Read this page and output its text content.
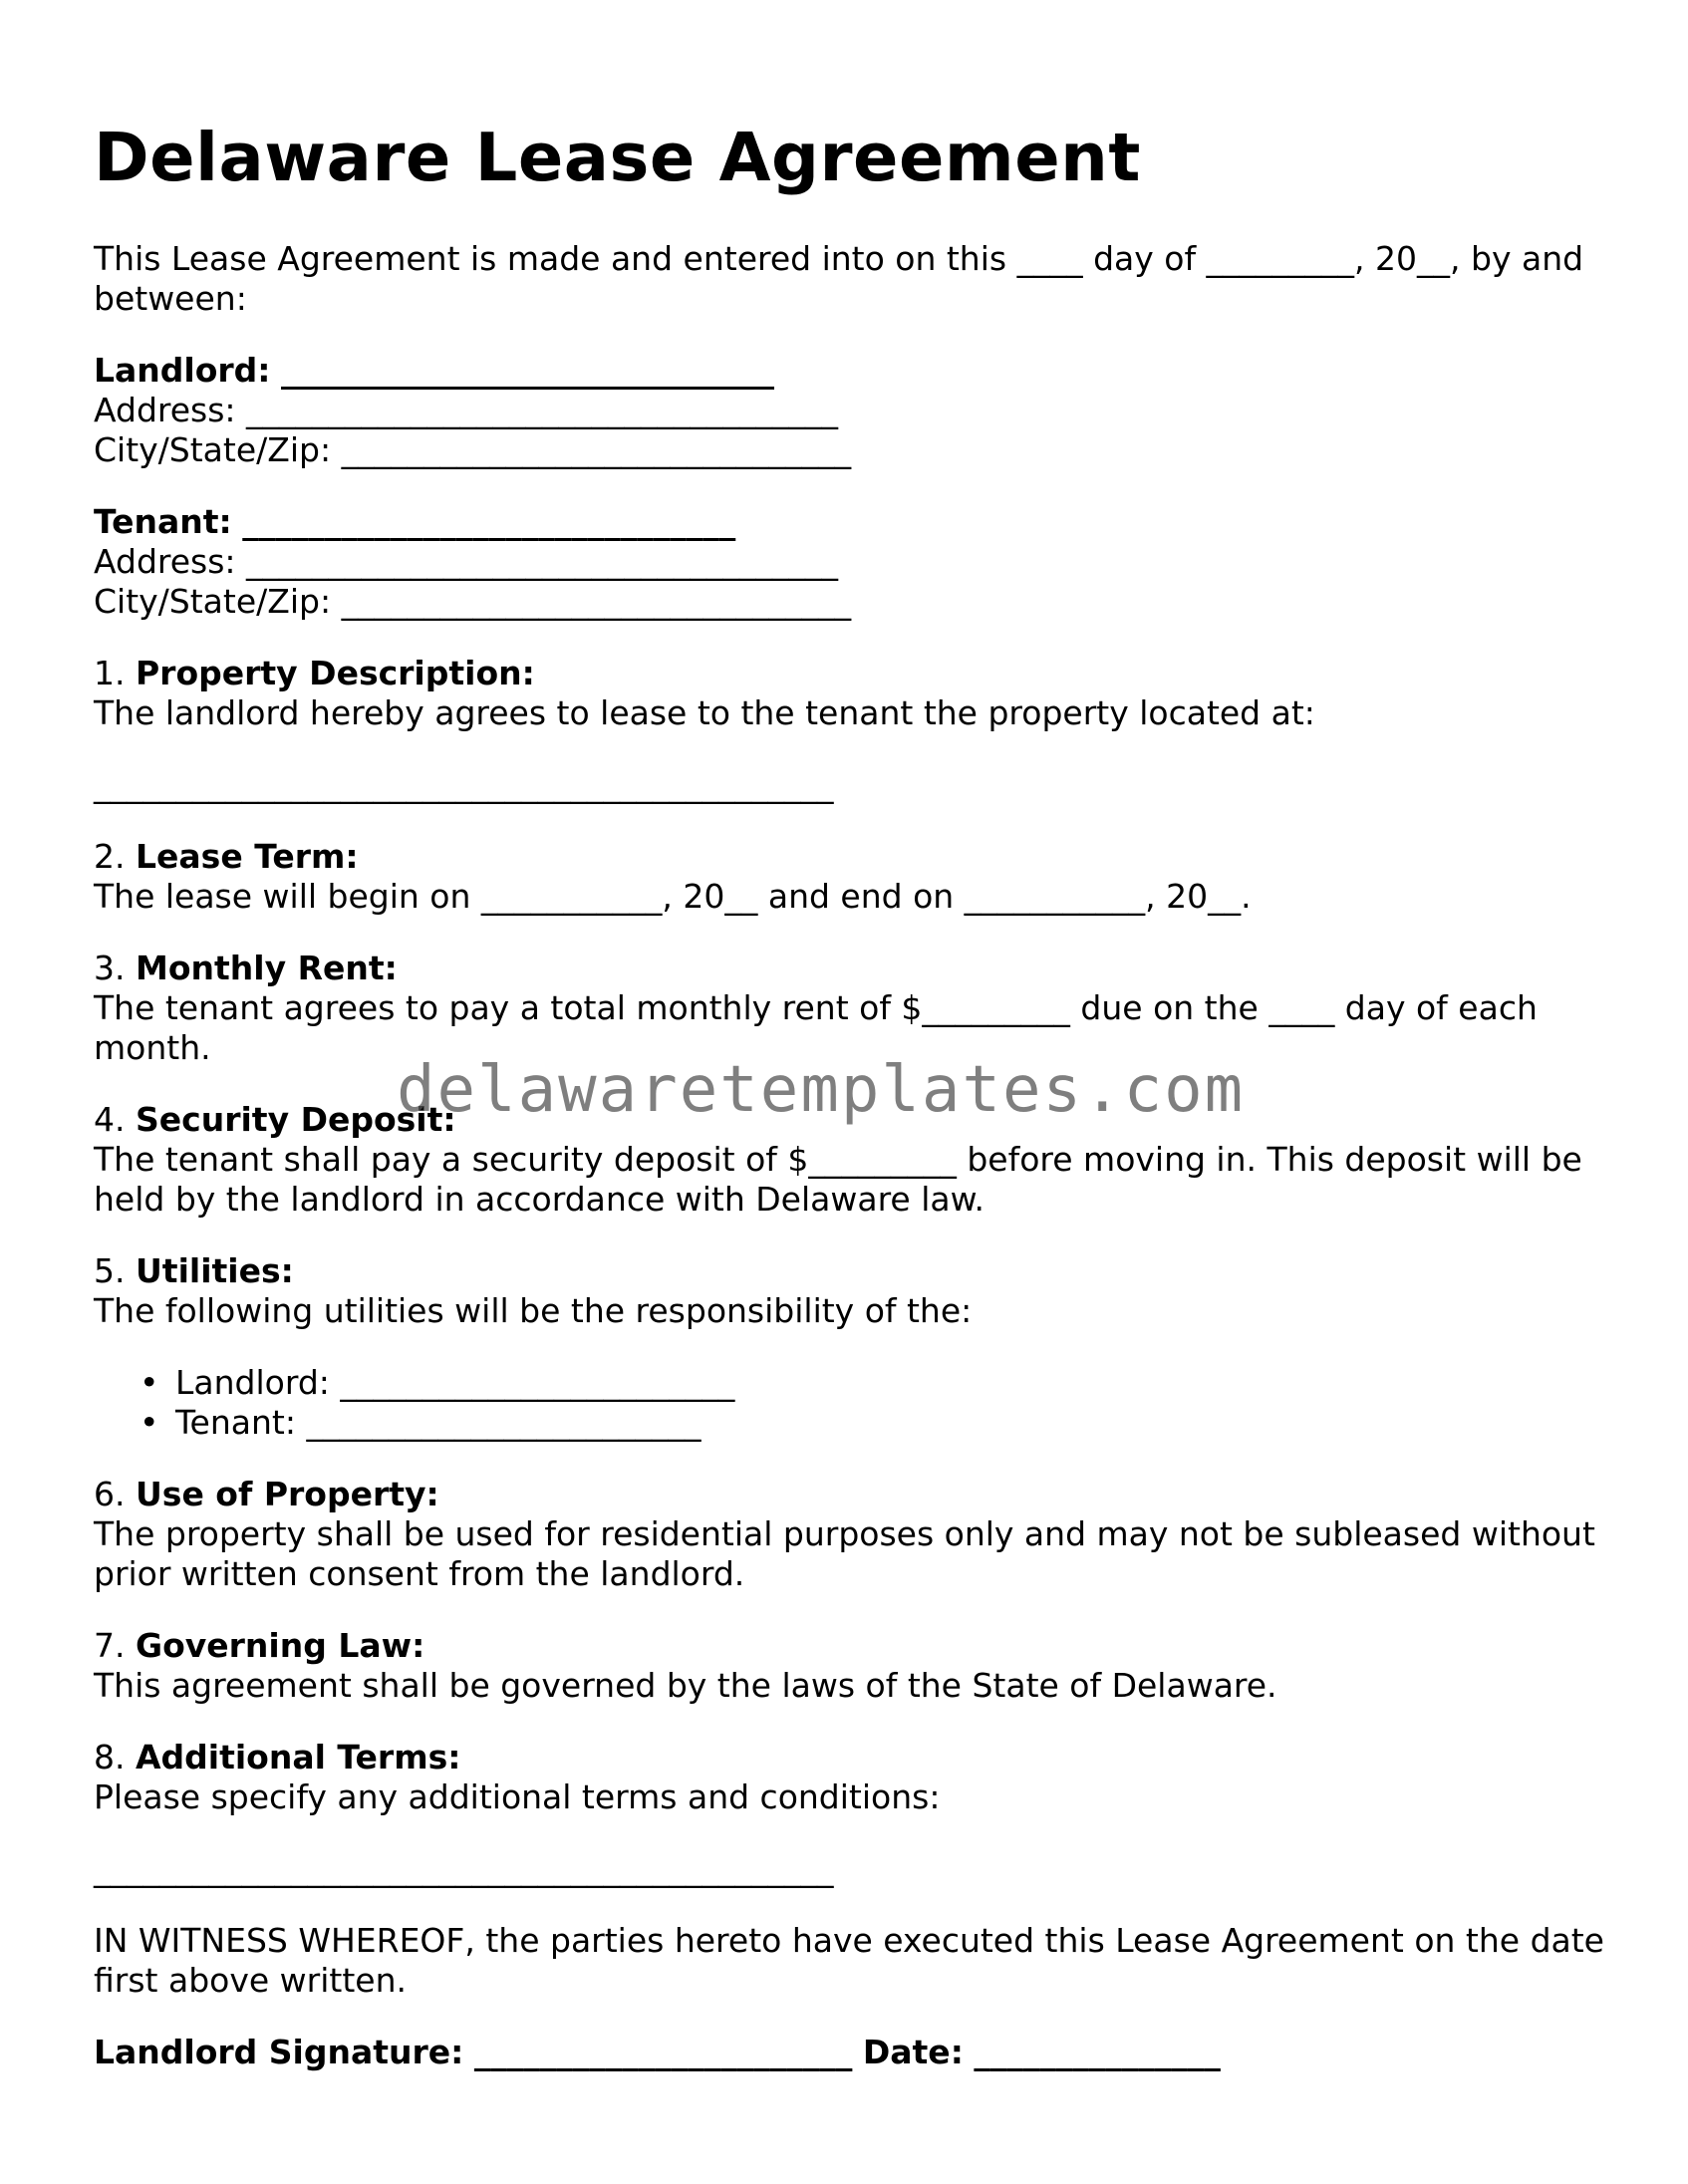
Delaware Lease Agreement

This Lease Agreement is made and entered into on this ____ day of _________, 20__, by and between:

Landlord: ______________________________
Address: ____________________________________
City/State/Zip: _______________________________
Tenant: ______________________________
Address: ____________________________________
City/State/Zip: _______________________________
1. Property Description:
The landlord hereby agrees to lease to the tenant the property located at:
_____________________________________________
2. Lease Term:
The lease will begin on ___________, 20__ and end on ___________, 20__.
3. Monthly Rent:
The tenant agrees to pay a total monthly rent of $_________ due on the ____ day of each month.
4. Security Deposit:
The tenant shall pay a security deposit of $_________ before moving in. This deposit will be held by the landlord in accordance with Delaware law.
5. Utilities:
The following utilities will be the responsibility of the:
• Landlord: ________________________
• Tenant: ________________________
6. Use of Property:
The property shall be used for residential purposes only and may not be subleased without prior written consent from the landlord.
7. Governing Law:
This agreement shall be governed by the laws of the State of Delaware.
8. Additional Terms:
Please specify any additional terms and conditions:
_____________________________________________

IN WITNESS WHEREOF, the parties hereto have executed this Lease Agreement on the date first above written.

Landlord Signature: _______________________ Date: _______________
delawaretemplates.com
